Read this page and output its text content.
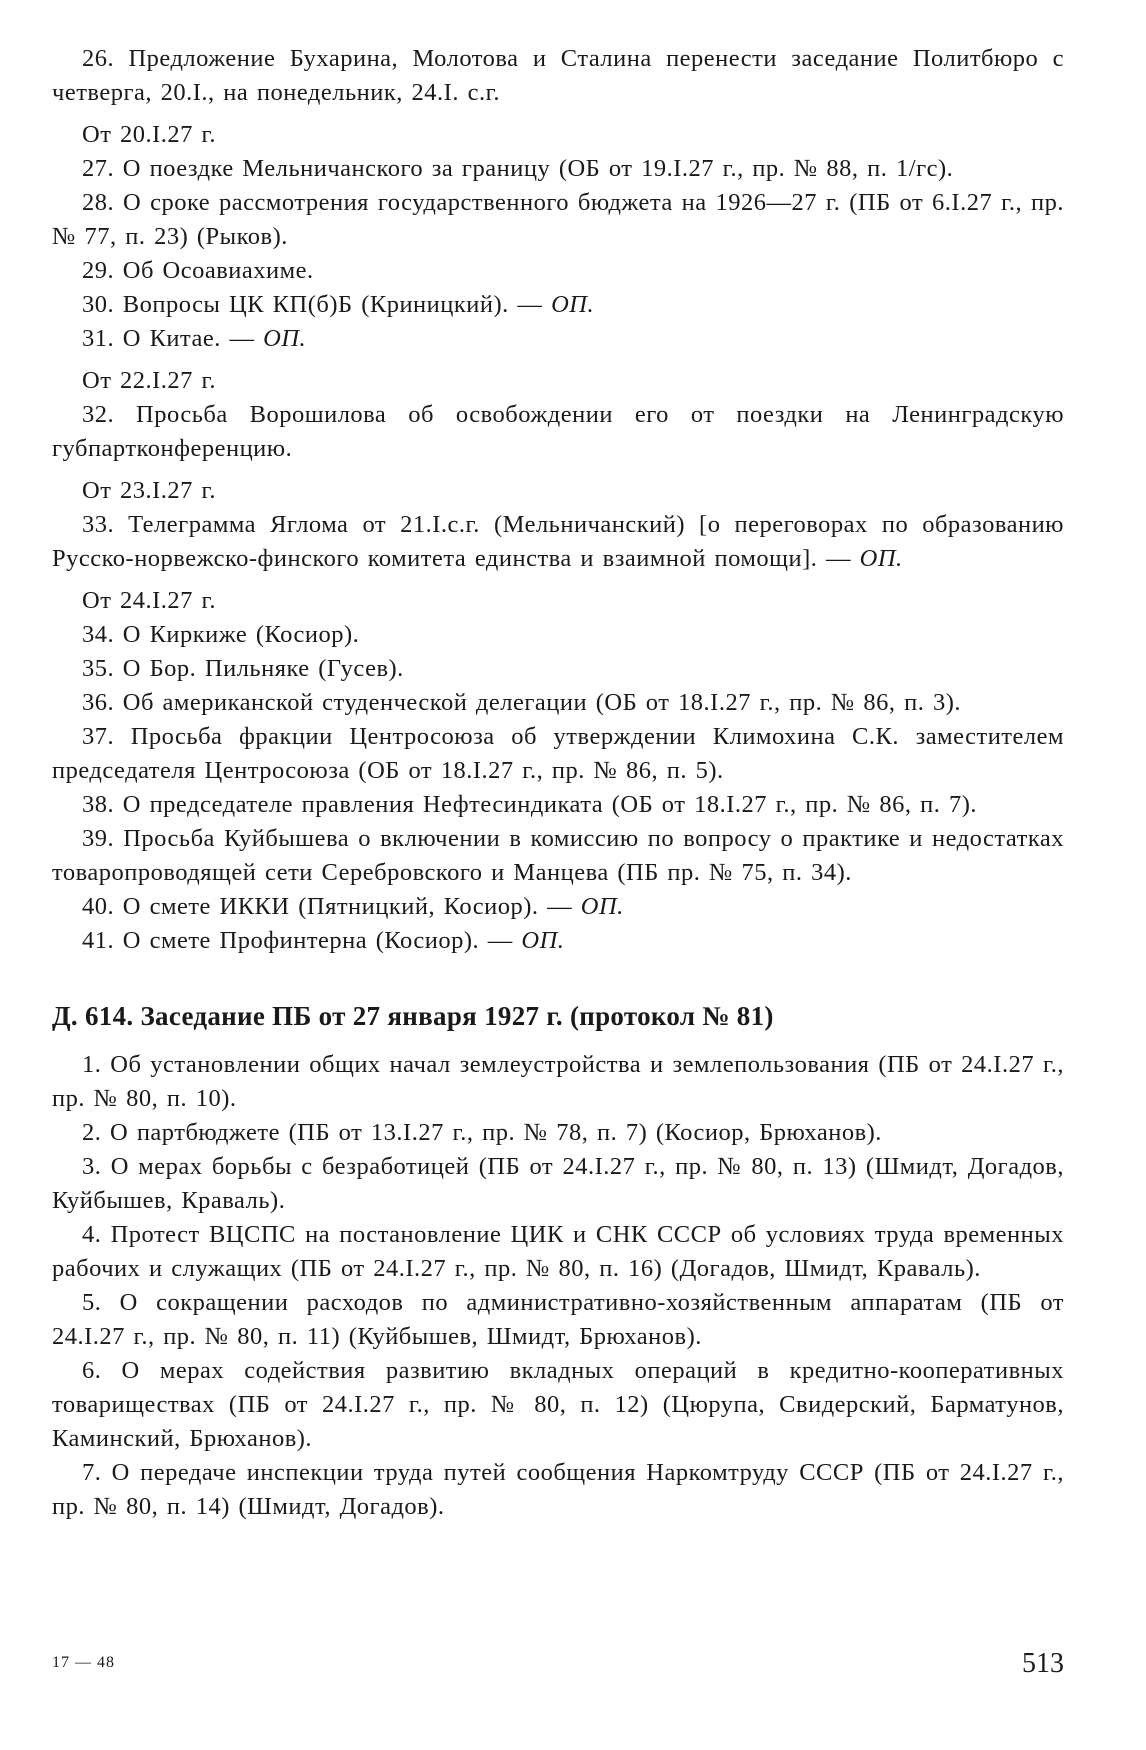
26. Предложение Бухарина, Молотова и Сталина перенести заседание Политбюро с четверга, 20.I., на понедельник, 24.I. с.г.

От 20.I.27 г.

27. О поездке Мельничанского за границу (ОБ от 19.I.27 г., пр. № 88, п. 1/гс).

28. О сроке рассмотрения государственного бюджета на 1926—27 г. (ПБ от 6.I.27 г., пр. № 77, п. 23) (Рыков).

29. Об Осоавиахиме.

30. Вопросы ЦК КП(б)Б (Криницкий). — ОП.

31. О Китае. — ОП.

От 22.I.27 г.

32. Просьба Ворошилова об освобождении его от поездки на Ленинградскую губпартконференцию.

От 23.I.27 г.

33. Телеграмма Яглома от 21.I.с.г. (Мельничанский) [о переговорах по образованию Русско-норвежско-финского комитета единства и взаимной помощи]. — ОП.

От 24.I.27 г.

34. О Киркиже (Косиор).

35. О Бор. Пильняке (Гусев).

36. Об американской студенческой делегации (ОБ от 18.I.27 г., пр. № 86, п. 3).

37. Просьба фракции Центросоюза об утверждении Климохина С.К. заместителем председателя Центросоюза (ОБ от 18.I.27 г., пр. № 86, п. 5).

38. О председателе правления Нефтесиндиката (ОБ от 18.I.27 г., пр. № 86, п. 7).

39. Просьба Куйбышева о включении в комиссию по вопросу о практике и недостатках товаропроводящей сети Серебровского и Манцева (ПБ пр. № 75, п. 34).

40. О смете ИККИ (Пятницкий, Косиор). — ОП.

41. О смете Профинтерна (Косиор). — ОП.

Д. 614. Заседание ПБ от 27 января 1927 г. (протокол № 81)

1. Об установлении общих начал землеустройства и землепользования (ПБ от 24.I.27 г., пр. № 80, п. 10).

2. О партбюджете (ПБ от 13.I.27 г., пр. № 78, п. 7) (Косиор, Брюханов).

3. О мерах борьбы с безработицей (ПБ от 24.I.27 г., пр. № 80, п. 13) (Шмидт, Догадов, Куйбышев, Краваль).

4. Протест ВЦСПС на постановление ЦИК и СНК СССР об условиях труда временных рабочих и служащих (ПБ от 24.I.27 г., пр. № 80, п. 16) (Догадов, Шмидт, Краваль).

5. О сокращении расходов по административно-хозяйственным аппаратам (ПБ от 24.I.27 г., пр. № 80, п. 11) (Куйбышев, Шмидт, Брюханов).

6. О мерах содействия развитию вкладных операций в кредитно-кооперативных товариществах (ПБ от 24.I.27 г., пр. № 80, п. 12) (Цюрупа, Свидерский, Барматунов, Каминский, Брюханов).

7. О передаче инспекции труда путей сообщения Наркомтруду СССР (ПБ от 24.I.27 г., пр. № 80, п. 14) (Шмидт, Догадов).

17 — 48	513
